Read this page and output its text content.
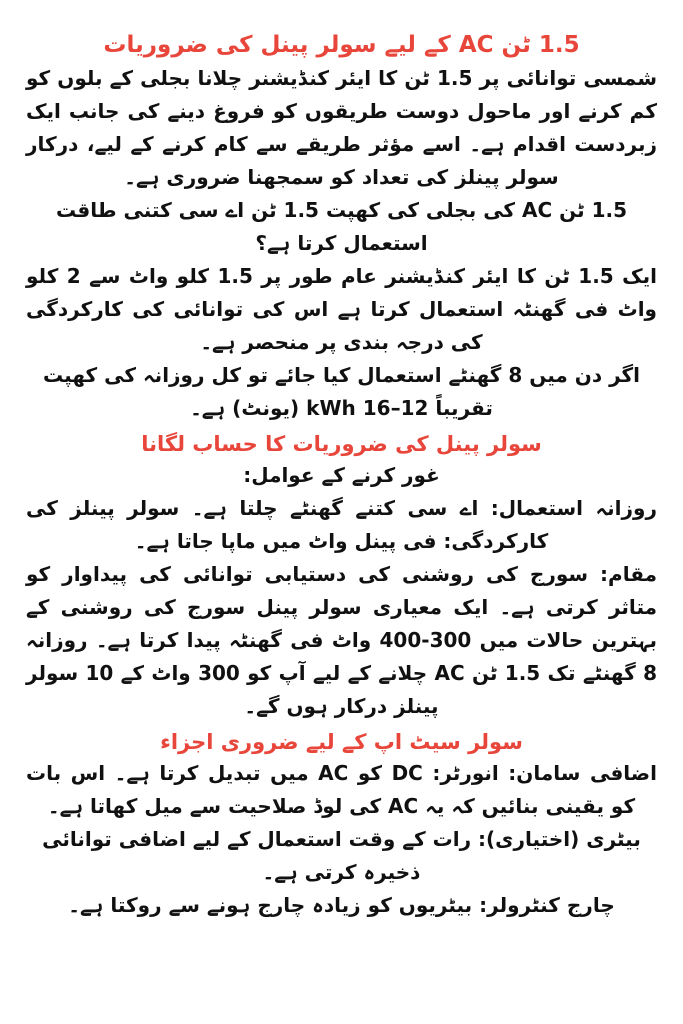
1.5 ٹن AC کے لیے سولر پینل کی ضروریات

شمسی توانائی پر 1.5 ٹن کا ایئر کنڈیشنر چلانا بجلی کے بلوں کو کم کرنے اور ماحول دوست طریقوں کو فروغ دینے کی جانب ایک زبردست اقدام ہے۔ اسے مؤثر طریقے سے کام کرنے کے لیے، درکار سولر پینلز کی تعداد کو سمجھنا ضروری ہے۔

1.5 ٹن AC کی بجلی کی کھپت 1.5 ٹن اے سی کتنی طاقت استعمال کرتا ہے؟

ایک 1.5 ٹن کا ایئر کنڈیشنر عام طور پر 1.5 کلو واٹ سے 2 کلو واٹ فی گھنٹہ استعمال کرتا ہے اس کی توانائی کی کارکردگی کی درجہ بندی پر منحصر ہے۔

اگر دن میں 8 گھنٹے استعمال کیا جائے تو کل روزانہ کی کھپت تقریباً 12–16 kWh (یونٹ) ہے۔

سولر پینل کی ضروریات کا حساب لگانا

غور کرنے کے عوامل:

روزانہ استعمال: اے سی کتنے گھنٹے چلتا ہے۔ سولر پینلز کی کارکردگی: فی پینل واٹ میں ماپا جاتا ہے۔

مقام: سورج کی روشنی کی دستیابی توانائی کی پیداوار کو متاثر کرتی ہے۔ ایک معیاری سولر پینل سورج کی روشنی کے بہترین حالات میں 300-400 واٹ فی گھنٹہ پیدا کرتا ہے۔ روزانہ 8 گھنٹے تک 1.5 ٹن AC چلانے کے لیے آپ کو 300 واٹ کے 10 سولر پینلز درکار ہوں گے۔

سولر سیٹ اپ کے لیے ضروری اجزاء

اضافی سامان: انورٹر: DC کو AC میں تبدیل کرتا ہے۔ اس بات کو یقینی بنائیں کہ یہ AC کی لوڈ صلاحیت سے میل کھاتا ہے۔

بیٹری (اختیاری): رات کے وقت استعمال کے لیے اضافی توانائی ذخیرہ کرتی ہے۔

چارج کنٹرولر: بیٹریوں کو زیادہ چارج ہونے سے روکتا ہے۔
